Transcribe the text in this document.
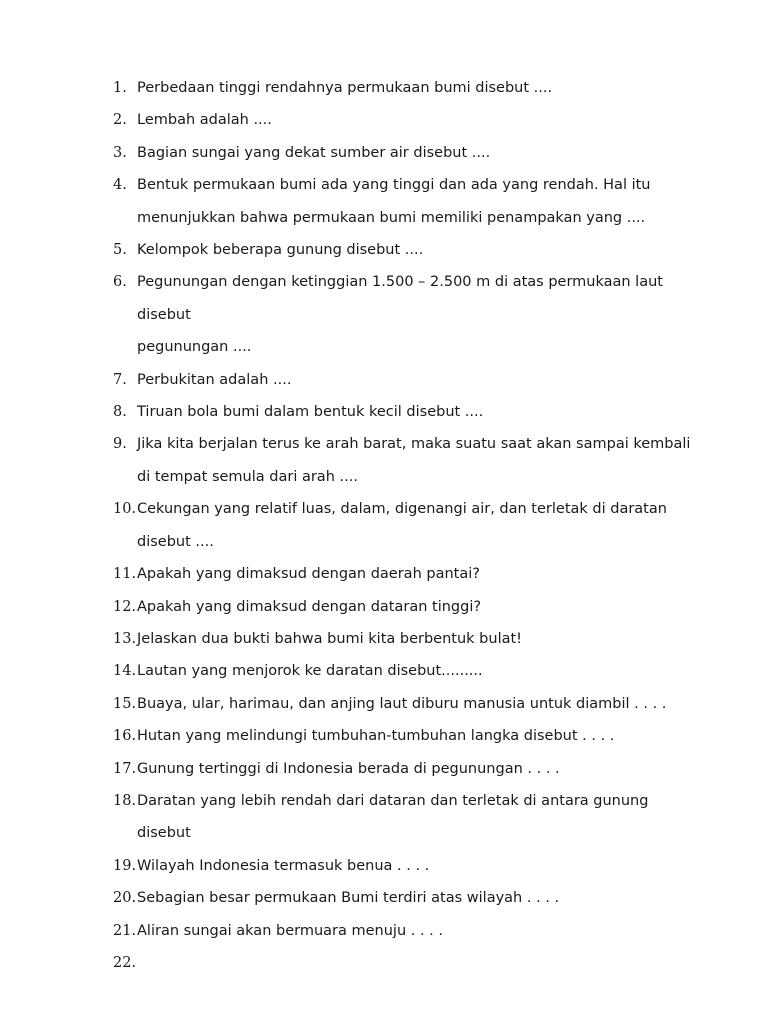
1. Perbedaan tinggi rendahnya permukaan bumi disebut ....
2. Lembah adalah ....
3. Bagian sungai yang dekat sumber air disebut ....
4. Bentuk permukaan bumi ada yang tinggi dan ada yang rendah. Hal itu
menunjukkan bahwa permukaan bumi memiliki penampakan yang ....
5. Kelompok beberapa gunung disebut ....
6. Pegunungan dengan ketinggian 1.500 – 2.500 m di atas permukaan laut disebut
pegunungan ....
7. Perbukitan adalah ....
8. Tiruan bola bumi dalam bentuk kecil disebut ....
9. Jika kita berjalan terus ke arah barat, maka suatu saat akan sampai kembali
di tempat semula dari arah ....
10. Cekungan yang relatif luas, dalam, digenangi air, dan terletak di daratan
disebut ....
11. Apakah yang dimaksud dengan daerah pantai?
12. Apakah yang dimaksud dengan dataran tinggi?
13. Jelaskan dua bukti bahwa bumi kita berbentuk bulat!
14. Lautan yang menjorok ke daratan disebut.........
15. Buaya, ular, harimau, dan anjing laut diburu manusia untuk diambil . . . .
16. Hutan yang melindungi tumbuhan-tumbuhan langka disebut . . . .
17. Gunung tertinggi di Indonesia berada di pegunungan . . . .
18. Daratan yang lebih rendah dari dataran dan terletak di antara gunung
disebut
19. Wilayah Indonesia termasuk benua . . . .
20. Sebagian besar permukaan Bumi terdiri atas wilayah . . . .
21. Aliran sungai akan bermuara menuju . . . .
22.
